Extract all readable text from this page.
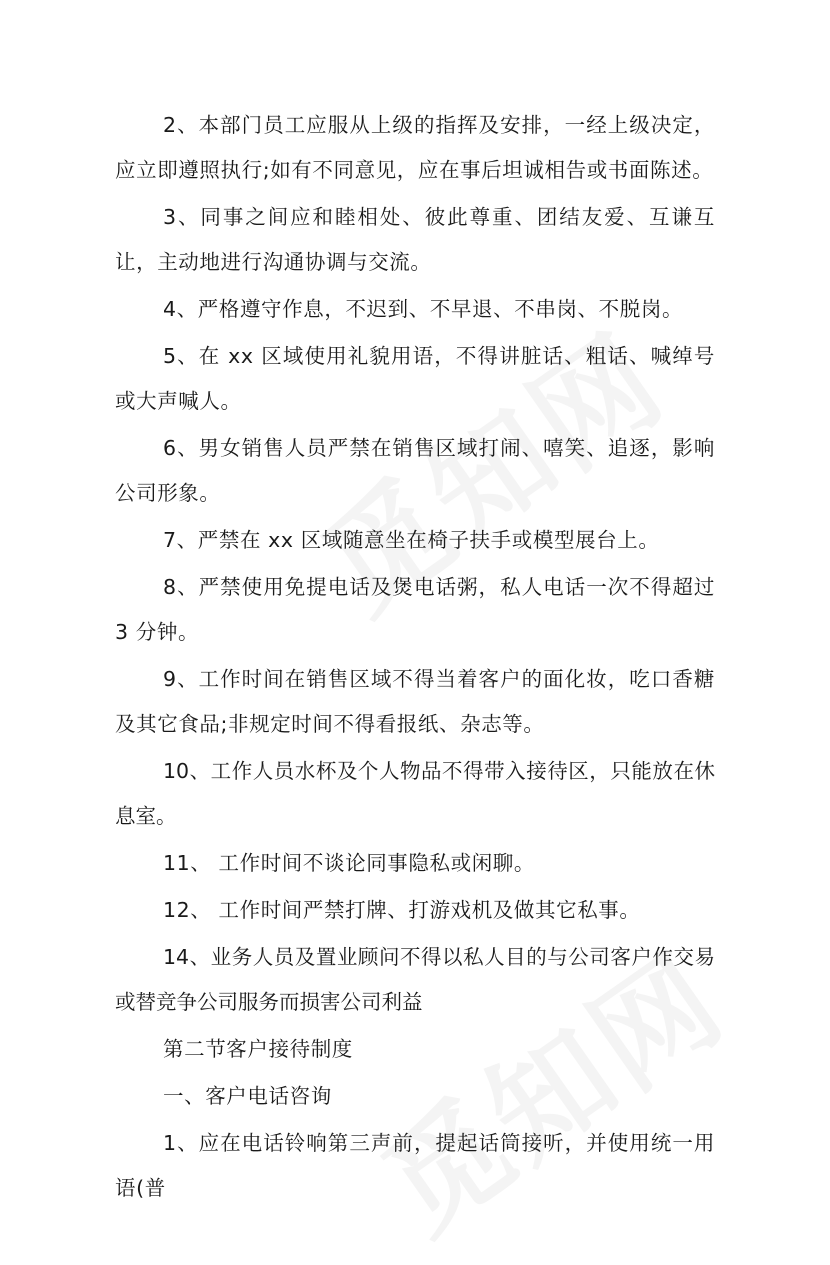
2、本部门员工应服从上级的指挥及安排，一经上级决定，应立即遵照执行;如有不同意见，应在事后坦诚相告或书面陈述。

3、同事之间应和睦相处、彼此尊重、团结友爱、互谦互让，主动地进行沟通协调与交流。

4、严格遵守作息，不迟到、不早退、不串岗、不脱岗。

5、在 xx 区域使用礼貌用语，不得讲脏话、粗话、喊绰号或大声喊人。

6、男女销售人员严禁在销售区域打闹、嘻笑、追逐，影响公司形象。

7、严禁在 xx 区域随意坐在椅子扶手或模型展台上。

8、严禁使用免提电话及煲电话粥，私人电话一次不得超过 3 分钟。

9、工作时间在销售区域不得当着客户的面化妆，吃口香糖及其它食品;非规定时间不得看报纸、杂志等。

10、工作人员水杯及个人物品不得带入接待区，只能放在休息室。

11、 工作时间不谈论同事隐私或闲聊。

12、 工作时间严禁打牌、打游戏机及做其它私事。

14、业务人员及置业顾问不得以私人目的与公司客户作交易或替竞争公司服务而损害公司利益

第二节客户接待制度

一、客户电话咨询

1、应在电话铃响第三声前，提起话筒接听，并使用统一用语(普
